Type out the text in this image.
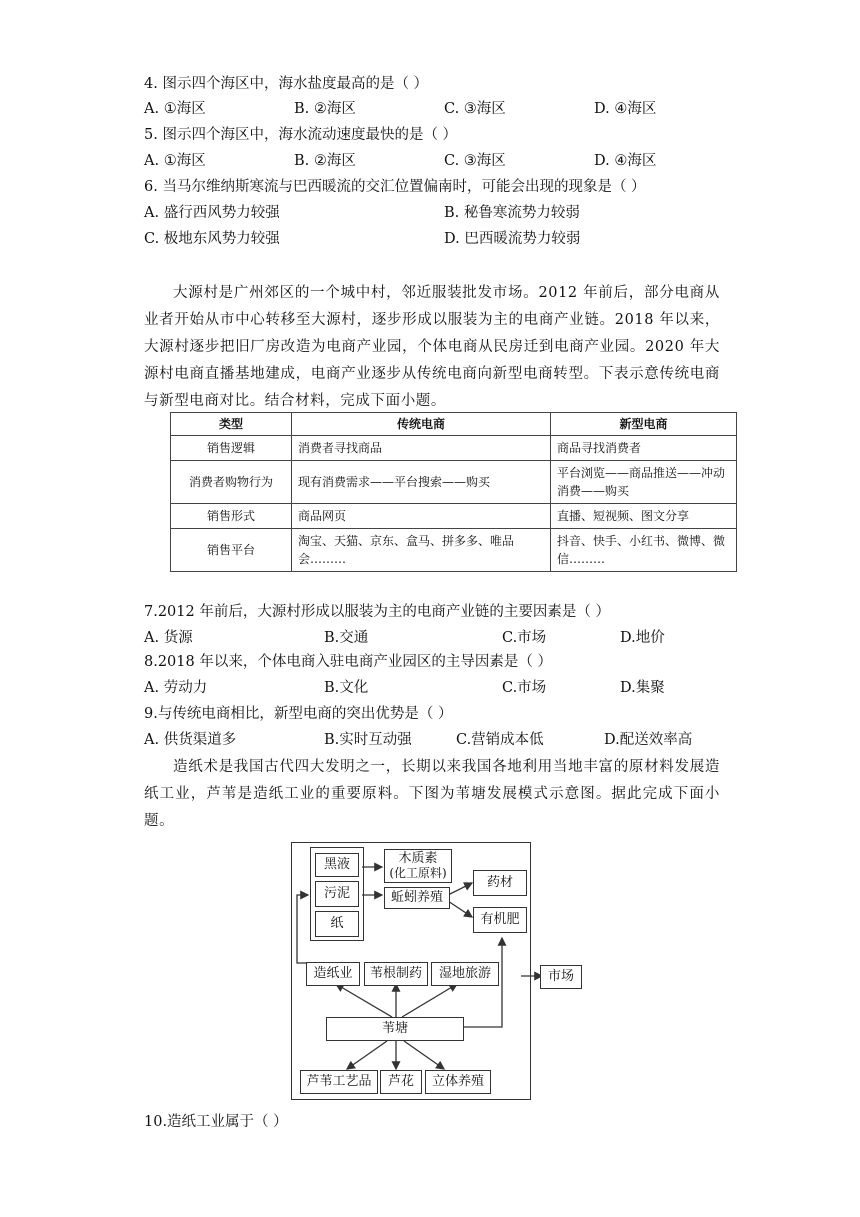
4. 图示四个海区中，海水盐度最高的是（ ）
A. ①海区	B. ②海区	C. ③海区	D. ④海区
5. 图示四个海区中，海水流动速度最快的是（ ）
A. ①海区	B. ②海区	C. ③海区	D. ④海区
6. 当马尔维纳斯寒流与巴西暖流的交汇位置偏南时，可能会出现的现象是（ ）
A. 盛行西风势力较强	B. 秘鲁寒流势力较弱
C. 极地东风势力较强	D. 巴西暖流势力较弱

大源村是广州郊区的一个城中村，邻近服装批发市场。2012 年前后，部分电商从业者开始从市中心转移至大源村，逐步形成以服装为主的电商产业链。2018 年以来，大源村逐步把旧厂房改造为电商产业园，个体电商从民房迁到电商产业园。2020 年大源村电商直播基地建成，电商产业逐步从传统电商向新型电商转型。下表示意传统电商与新型电商对比。结合材料，完成下面小题。

类型	传统电商	新型电商
销售逻辑	消费者寻找商品	商品寻找消费者
消费者购物行为	现有消费需求——平台搜索——购买	平台浏览——商品推送——冲动消费——购买
销售形式	商品网页	直播、短视频、图文分享
销售平台	淘宝、天猫、京东、盒马、拼多多、唯品会………	抖音、快手、小红书、微博、微信………
7.2012 年前后，大源村形成以服装为主的电商产业链的主要因素是（ ）
A. 货源	B.交通	C.市场	D.地价
8.2018 年以来，个体电商入驻电商产业园区的主导因素是（ ）
A. 劳动力	B.文化	C.市场	D.集聚
9.与传统电商相比，新型电商的突出优势是（ ）
A. 供货渠道多	B.实时互动强	C.营销成本低	D.配送效率高

造纸术是我国古代四大发明之一，长期以来我国各地利用当地丰富的原材料发展造纸工业，芦苇是造纸工业的重要原料。下图为苇塘发展模式示意图。据此完成下面小题。

黑液
污泥
纸
木质素
(化工原料)
蚯蚓养殖
药材
有机肥
造纸业 苇根制药 湿地旅游
苇塘
芦苇工艺品 芦花 立体养殖
市场
10.造纸工业属于（ ）
